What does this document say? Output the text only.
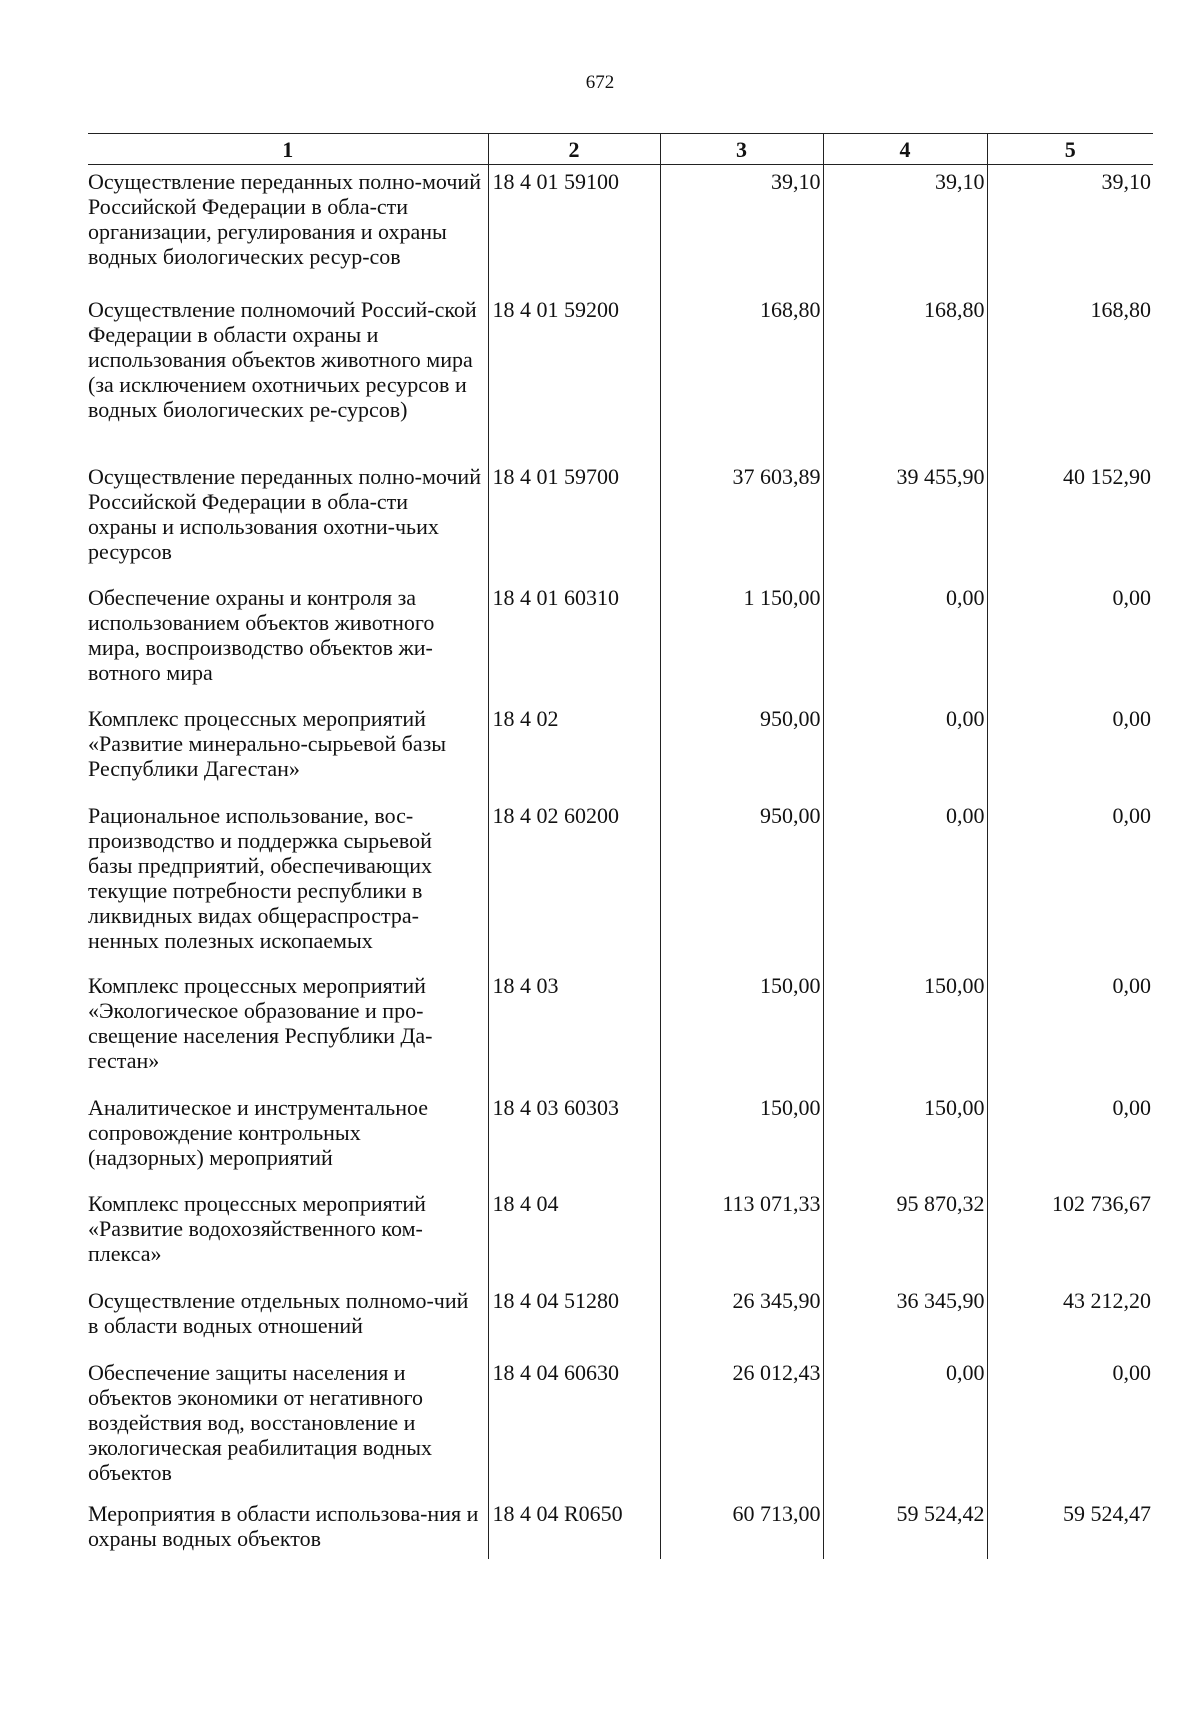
672
1	2	3	4	5
Осуществление переданных полно-мочий Российской Федерации в обла-сти организации, регулирования и охраны водных биологических ресур-сов	18 4 01 59100	39,10	39,10	39,10
Осуществление полномочий Россий-ской Федерации в области охраны и использования объектов животного мира (за исключением охотничьих ресурсов и водных биологических ре-сурсов)	18 4 01 59200	168,80	168,80	168,80
Осуществление переданных полно-мочий Российской Федерации в обла-сти охраны и использования охотни-чьих ресурсов	18 4 01 59700	37 603,89	39 455,90	40 152,90
Обеспечение охраны и контроля за использованием объектов животного мира, воспроизводство объектов жи-вотного мира	18 4 01 60310	1 150,00	0,00	0,00
Комплекс процессных мероприятий «Развитие минерально-сырьевой базы Республики Дагестан»	18 4 02	950,00	0,00	0,00
Рациональное использование, вос-производство и поддержка сырьевой базы предприятий, обеспечивающих текущие потребности республики в ликвидных видах общераспростра-ненных полезных ископаемых	18 4 02 60200	950,00	0,00	0,00
Комплекс процессных мероприятий «Экологическое образование и про-свещение населения Республики Да-гестан»	18 4 03	150,00	150,00	0,00
Аналитическое и инструментальное сопровождение контрольных (надзорных) мероприятий	18 4 03 60303	150,00	150,00	0,00
Комплекс процессных мероприятий «Развитие водохозяйственного ком-плекса»	18 4 04	113 071,33	95 870,32	102 736,67
Осуществление отдельных полномо-чий в области водных отношений	18 4 04 51280	26 345,90	36 345,90	43 212,20
Обеспечение защиты населения и объектов экономики от негативного воздействия вод, восстановление и экологическая реабилитация водных объектов	18 4 04 60630	26 012,43	0,00	0,00
Мероприятия в области использова-ния и охраны водных объектов	18 4 04 R0650	60 713,00	59 524,42	59 524,47
